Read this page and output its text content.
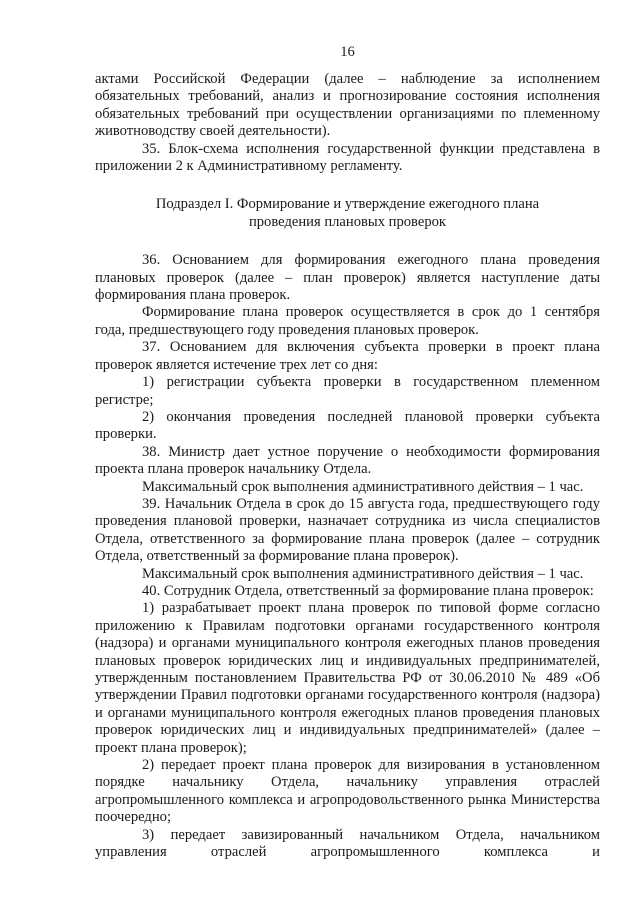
16

актами Российской Федерации (далее – наблюдение за исполнением обязательных требований, анализ и прогнозирование состояния исполнения обязательных требований при осуществлении организациями по племенному животноводству своей деятельности).

35. Блок-схема исполнения государственной функции представлена в приложении 2 к Административному регламенту.

Подраздел I. Формирование и утверждение ежегодного плана
проведения плановых проверок

36. Основанием для формирования ежегодного плана проведения плановых проверок (далее – план проверок) является наступление даты формирования плана проверок.

Формирование плана проверок осуществляется в срок до 1 сентября года, предшествующего году проведения плановых проверок.

37. Основанием для включения субъекта проверки в проект плана проверок является истечение трех лет со дня:

1) регистрации субъекта проверки в государственном племенном регистре;

2) окончания проведения последней плановой проверки субъекта проверки.

38. Министр дает устное поручение о необходимости формирования проекта плана проверок начальнику Отдела.

Максимальный срок выполнения административного действия – 1 час.

39. Начальник Отдела в срок до 15 августа года, предшествующего году проведения плановой проверки, назначает сотрудника из числа специалистов Отдела, ответственного за формирование плана проверок (далее – сотрудник Отдела, ответственный за формирование плана проверок).

Максимальный срок выполнения административного действия – 1 час.

40. Сотрудник Отдела, ответственный за формирование плана проверок:

1) разрабатывает проект плана проверок по типовой форме согласно приложению к Правилам подготовки органами государственного контроля (надзора) и органами муниципального контроля ежегодных планов проведения плановых проверок юридических лиц и индивидуальных предпринимателей, утвержденным постановлением Правительства РФ от 30.06.2010 № 489 «Об утверждении Правил подготовки органами государственного контроля (надзора) и органами муниципального контроля ежегодных планов проведения плановых проверок юридических лиц и индивидуальных предпринимателей» (далее – проект плана проверок);

2) передает проект плана проверок для визирования в установленном порядке начальнику Отдела, начальнику управления отраслей агропромышленного комплекса и агропродовольственного рынка Министерства поочередно;

3) передает завизированный начальником Отдела, начальником управления отраслей агропромышленного комплекса и
